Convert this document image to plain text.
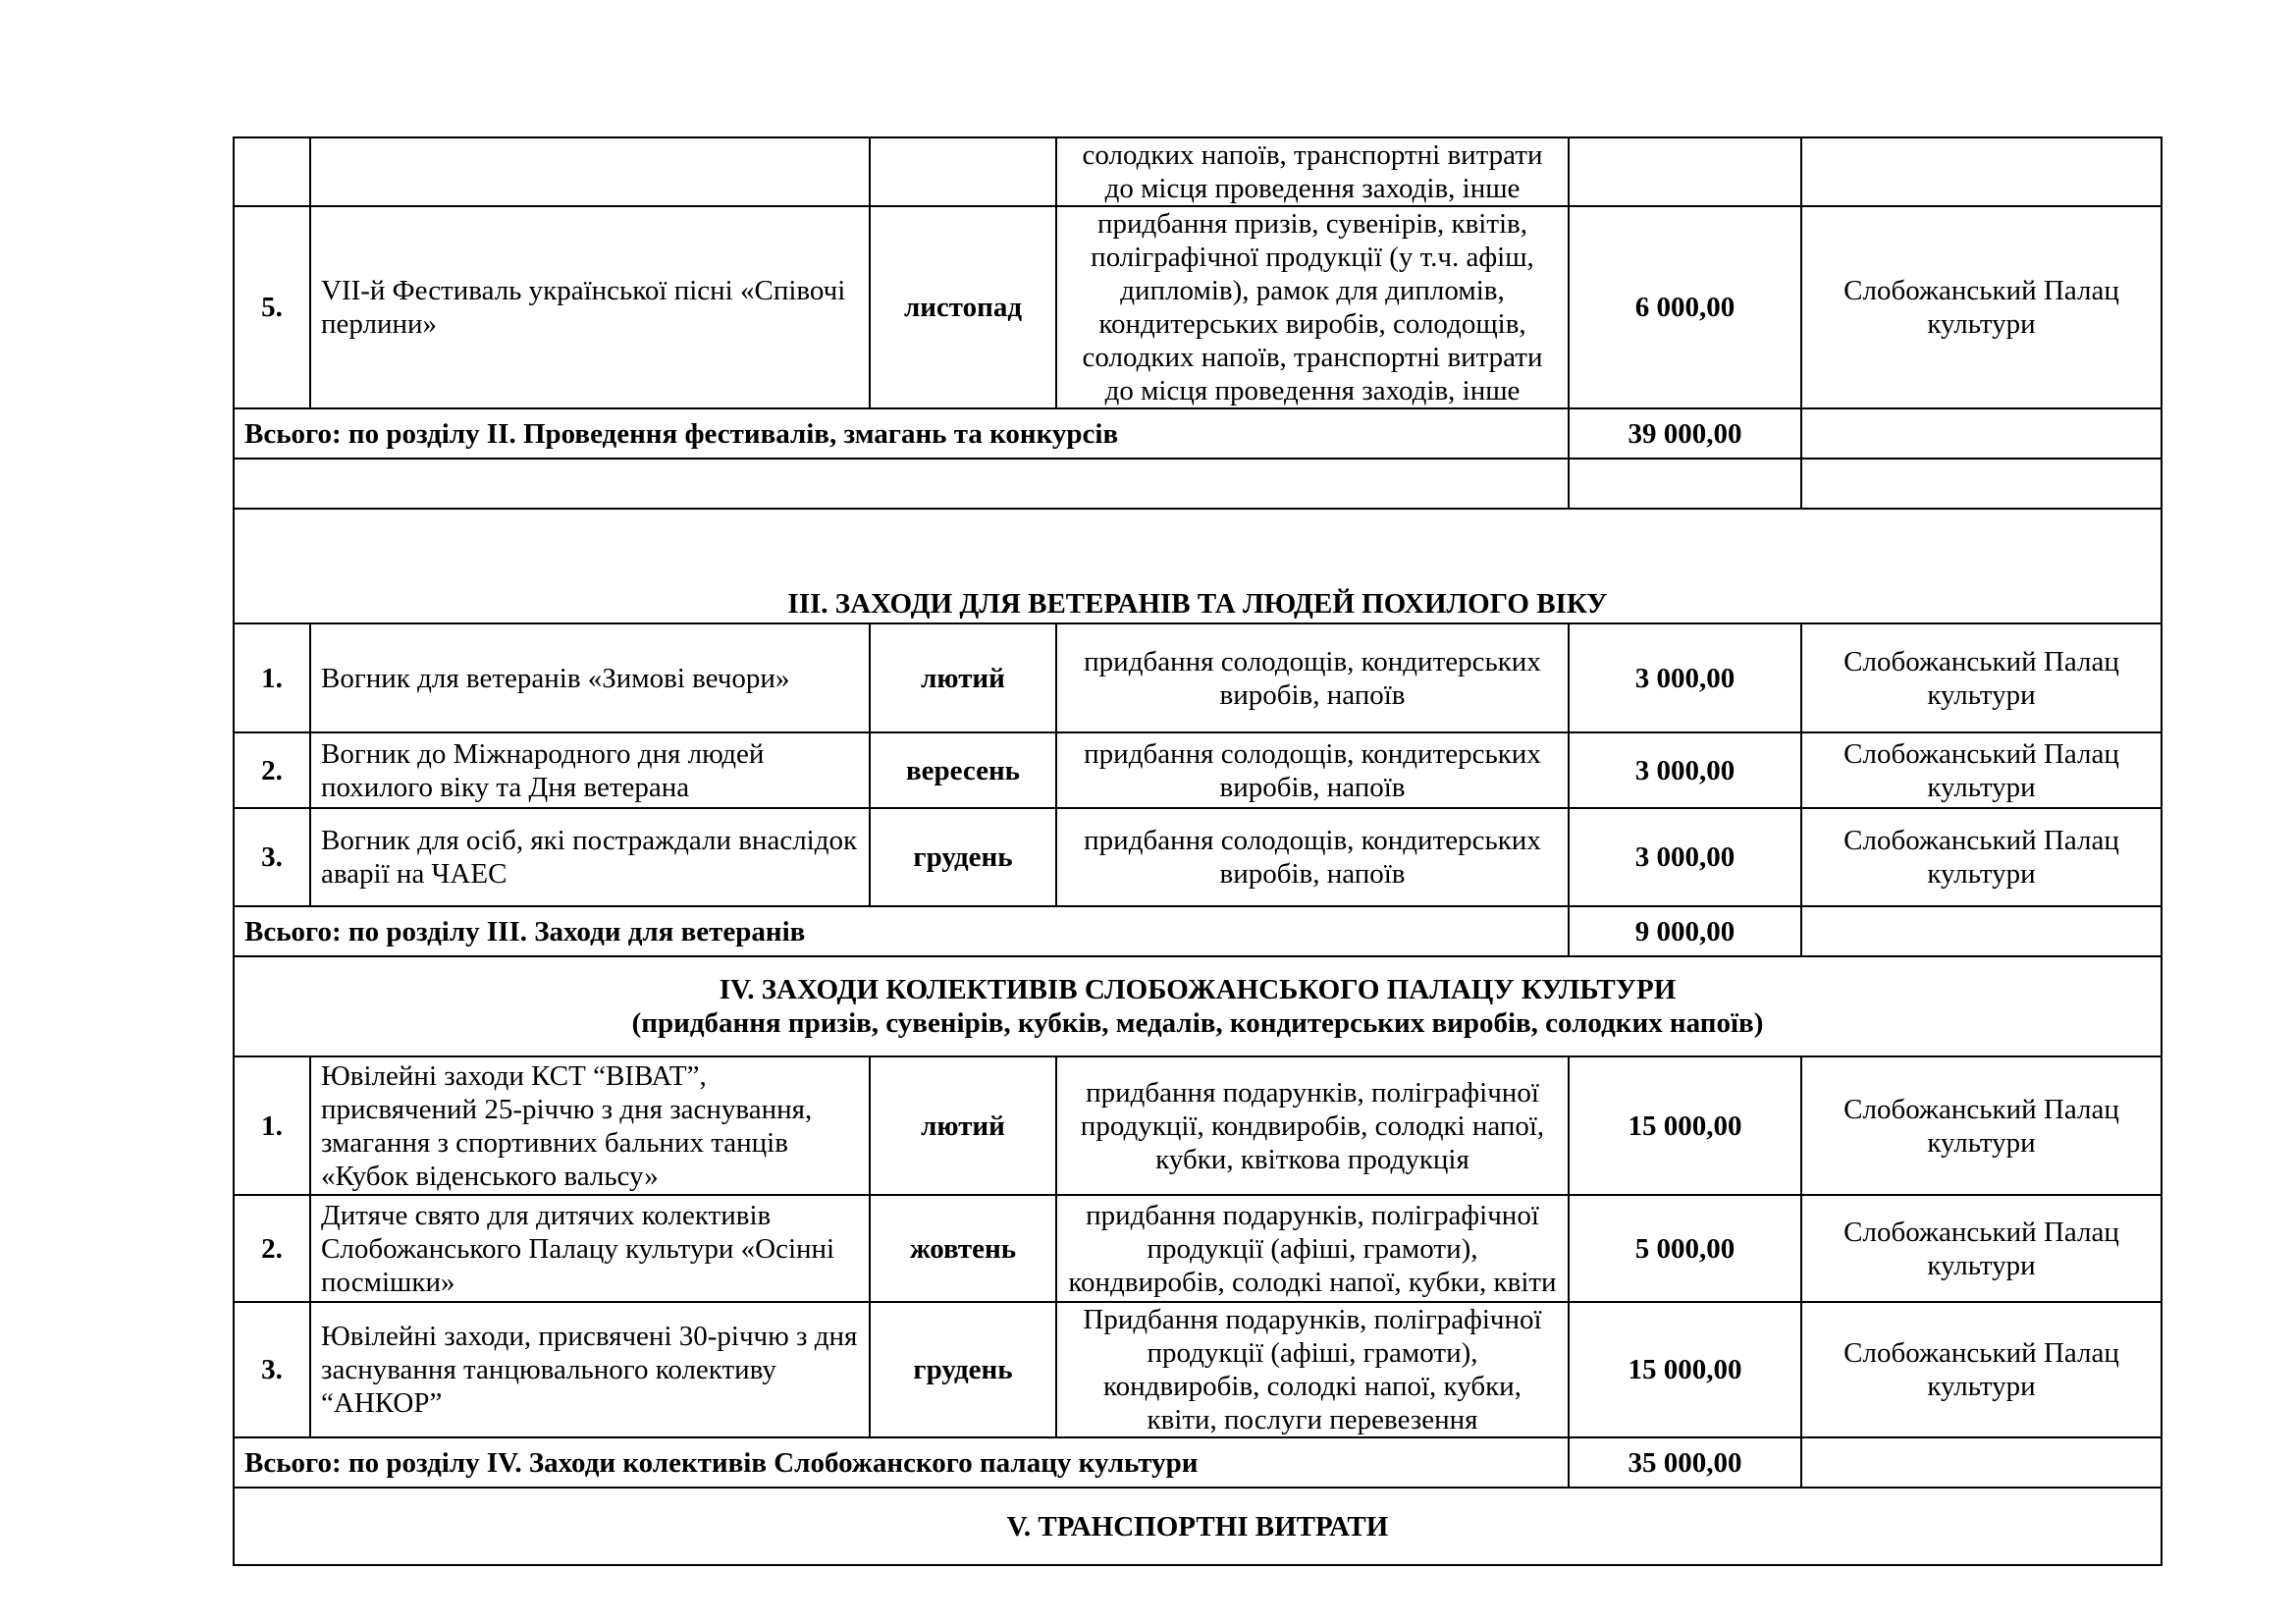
			солодких напоїв, транспортні витрати до місця проведення заходів, інше		
5.	VII-й Фестиваль української пісні «Співочі перлини»	листопад	придбання призів, сувенірів, квітів, поліграфічної продукції (у т.ч. афіш, дипломів), рамок для дипломів, кондитерських виробів, солодощів, солодких напоїв, транспортні витрати до місця проведення заходів, інше	6 000,00	Слобожанський Палац культури
Всього: по розділу II. Проведення фестивалів, змагань та конкурсів				39 000,00	

III. ЗАХОДИ ДЛЯ ВЕТЕРАНІВ ТА ЛЮДЕЙ ПОХИЛОГО ВІКУ					
1.	Вогник для ветеранів «Зимові вечори»	лютий	придбання солодощів, кондитерських виробів, напоїв	3 000,00	Слобожанський Палац культури
2.	Вогник до Міжнародного дня людей похилого віку та Дня ветерана	вересень	придбання солодощів, кондитерських виробів, напоїв	3 000,00	Слобожанський Палац культури
3.	Вогник для осіб, які постраждали внаслідок аварії на ЧАЕС	грудень	придбання солодощів, кондитерських виробів, напоїв	3 000,00	Слобожанський Палац культури
Всього: по розділу III. Заходи для ветеранів				9 000,00	

IV. ЗАХОДИ КОЛЕКТИВІВ СЛОБОЖАНСЬКОГО ПАЛАЦУ КУЛЬТУРИ
(придбання призів, сувенірів, кубків, медалів, кондитерських виробів, солодких напоїв)					

1.	Ювілейні заходи КСТ “ВІВАТ”, присвячений 25-річчю з дня заснування, змагання з спортивних бальних танців «Кубок віденського вальсу»	лютий	придбання подарунків, поліграфічної продукції, кондвиробів, солодкі напої, кубки, квіткова продукція	15 000,00	Слобожанський Палац культури
2.	Дитяче свято для дитячих колективів Слобожанського Палацу культури «Осінні посмішки»	жовтень	придбання подарунків, поліграфічної продукції (афіші, грамоти), кондвиробів, солодкі напої, кубки, квіти	5 000,00	Слобожанський Палац культури
3.	Ювілейні заходи, присвячені 30-річчю з дня заснування танцювального колективу “АНКОР”	грудень	Придбання подарунків, поліграфічної продукції (афіші, грамоти), кондвиробів, солодкі напої, кубки, квіти, послуги перевезення	15 000,00	Слобожанський Палац культури
Всього: по розділу IV. Заходи колективів Слобожанского палацу культури				35 000,00	
V. ТРАНСПОРТНІ ВИТРАТИ					
